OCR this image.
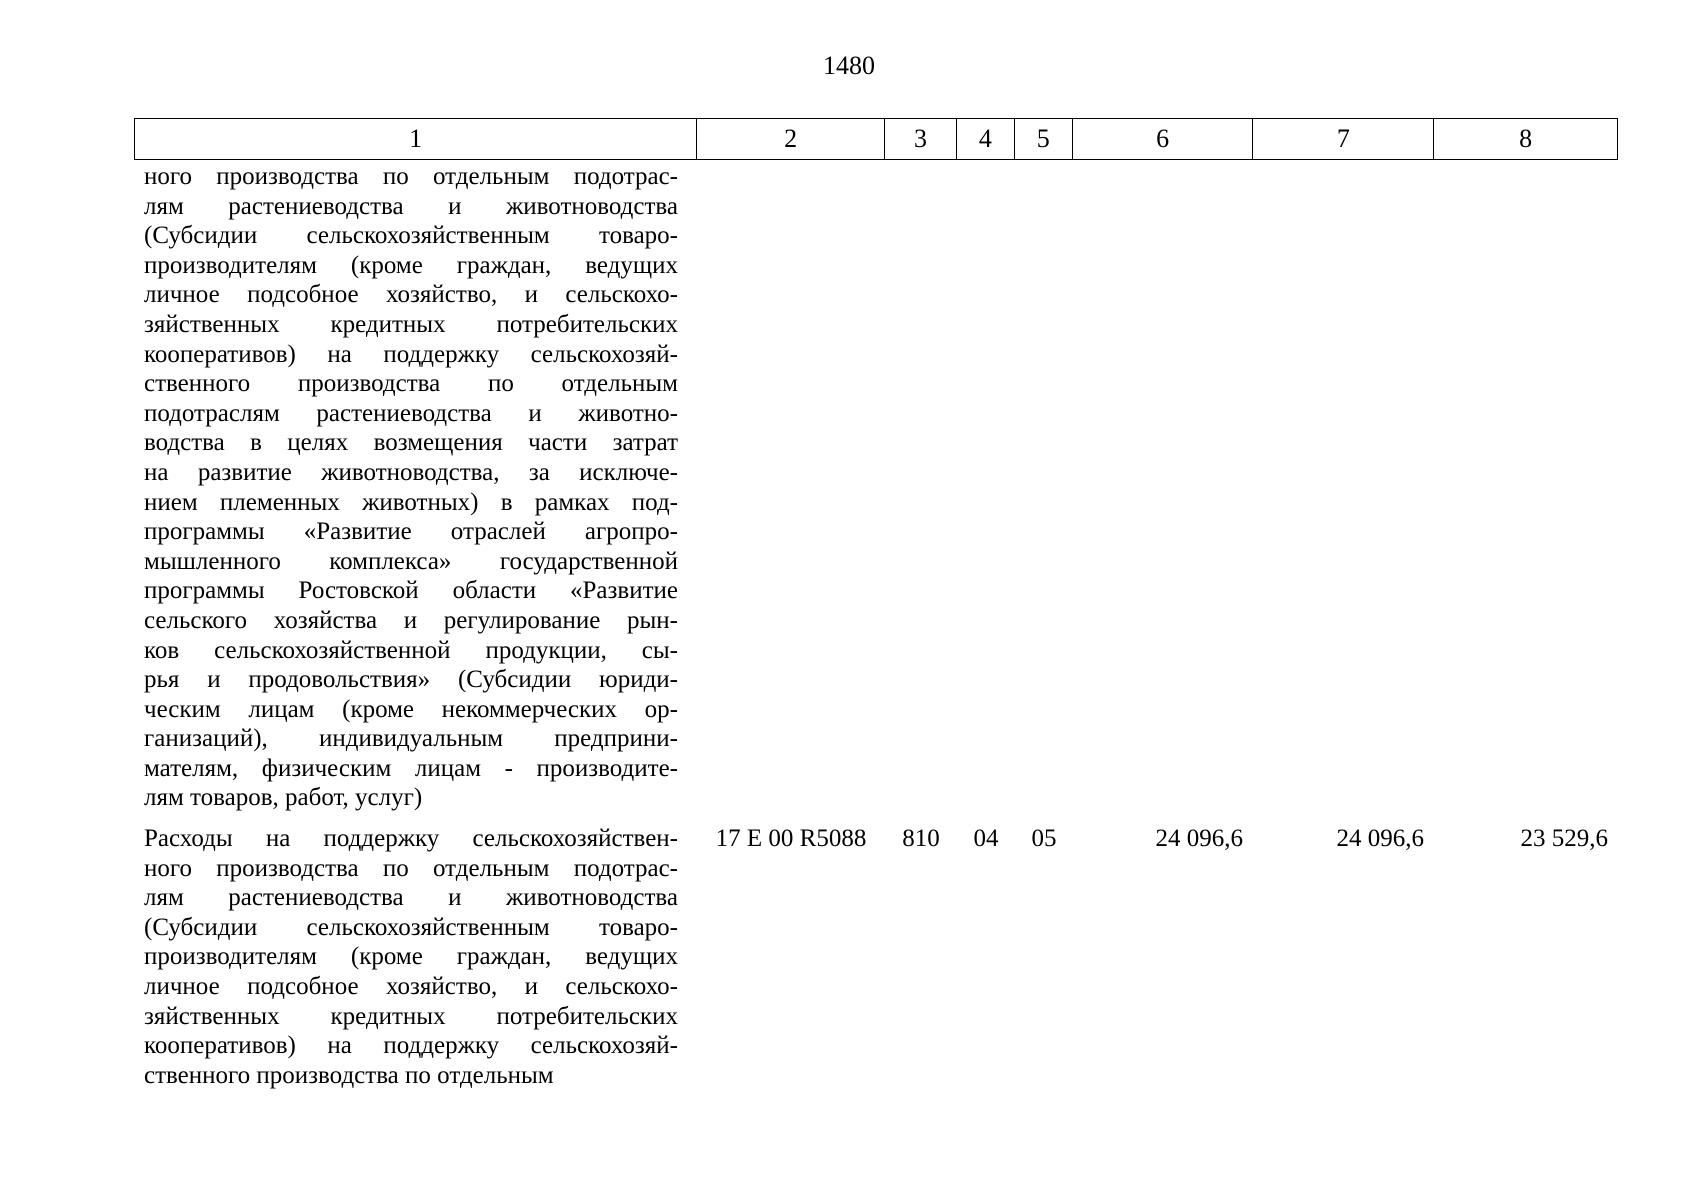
1480
1	2	3	4	5	6	7	8
ного производства по отдельным подотрас-
лям растениеводства и животноводства
(Субсидии сельскохозяйственным товаро-
производителям (кроме граждан, ведущих
личное подсобное хозяйство, и сельскохо-
зяйственных кредитных потребительских
кооперативов) на поддержку сельскохозяй-
ственного производства по отдельным
подотраслям растениеводства и животно-
водства в целях возмещения части затрат
на развитие животноводства, за исключе-
нием племенных животных) в рамках под-
программы «Развитие отраслей агропро-
мышленного комплекса» государственной
программы Ростовской области «Развитие
сельского хозяйства и регулирование рын-
ков сельскохозяйственной продукции, сы-
рья и продовольствия» (Субсидии юриди-
ческим лицам (кроме некоммерческих ор-
ганизаций), индивидуальным предприни-
мателям, физическим лицам - производите-
лям товаров, работ, услуг)
Расходы на поддержку сельскохозяйствен-
ного производства по отдельным подотрас-
лям растениеводства и животноводства
(Субсидии сельскохозяйственным товаро-
производителям (кроме граждан, ведущих
личное подсобное хозяйство, и сельскохо-
зяйственных кредитных потребительских
кооперативов) на поддержку сельскохозяй-
ственного производства по отдельным
17 Е 00 R5088	810	04	05	24 096,6	24 096,6	23 529,6
